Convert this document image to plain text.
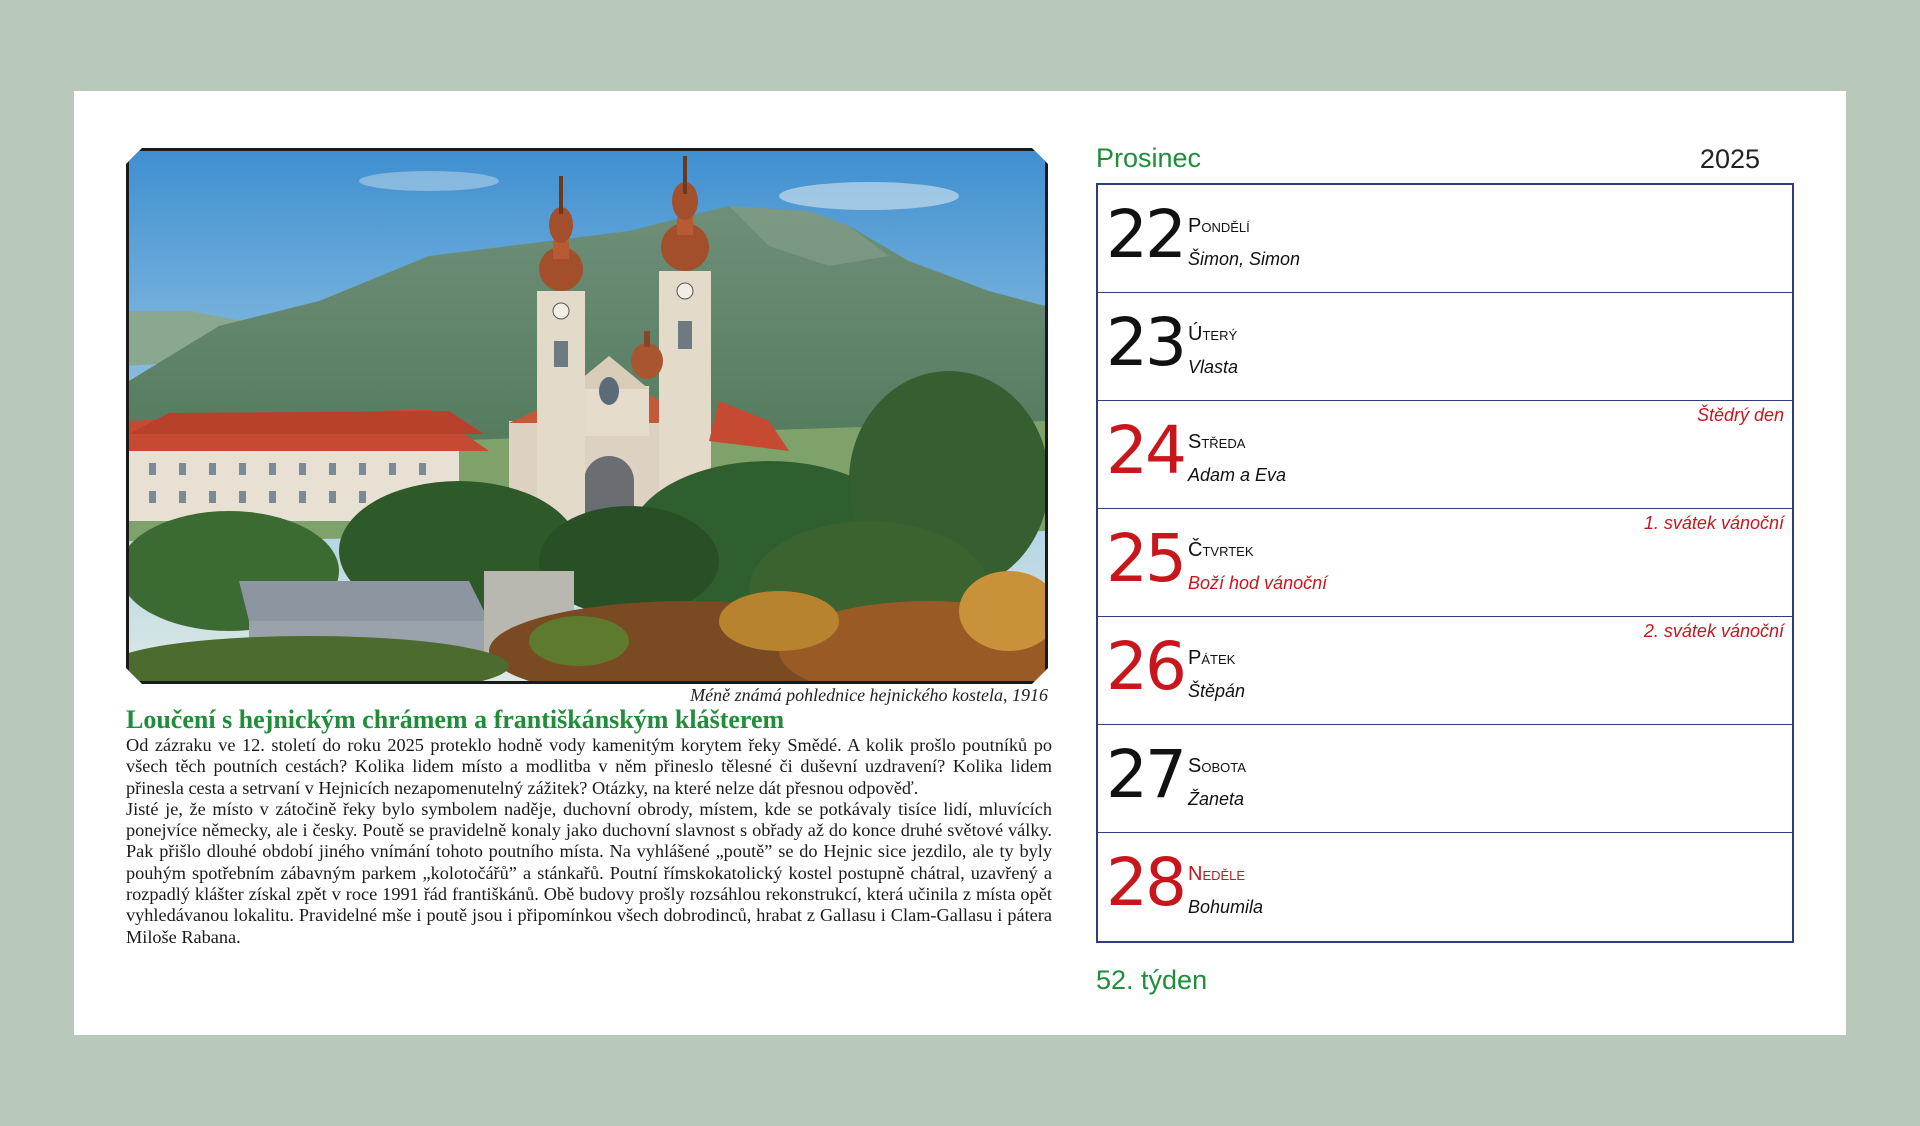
Méně známá pohlednice hejnického kostela, 1916
Loučení s hejnickým chrámem a františkánským klášterem

Od zázraku ve 12. století do roku 2025 proteklo hodně vody kamenitým korytem řeky Smědé. A kolik prošlo poutníků po všech těch poutních cestách? Kolika lidem místo a modlitba v něm přineslo tělesné či duševní uzdravení? Kolika lidem přinesla cesta a setrvaní v Hejnicích nezapomenutelný zážitek? Otázky, na které nelze dát přesnou odpověď.

Jisté je, že místo v zátočině řeky bylo symbolem naděje, duchovní obrody, místem, kde se potkávaly tisíce lidí, mluvících ponejvíce německy, ale i česky. Poutě se pravidelně konaly jako duchovní slavnost s obřady až do konce druhé světové války. Pak přišlo dlouhé období jiného vnímání tohoto poutního místa. Na vyhlášené „poutě” se do Hejnic sice jezdilo, ale ty byly pouhým spotřebním zábavným parkem „kolotočářů” a stánkařů. Poutní římskokatolický kostel postupně chátral, uzavřený a rozpadlý klášter získal zpět v roce 1991 řád františkánů. Obě budovy prošly rozsáhlou rekonstrukcí, která učinila z místa opět vyhledávanou lokalitu. Pravidelné mše i poutě jsou i připomínkou všech dobrodinců, hrabat z Gallasu i Clam-Gallasu i pátera Miloše Rabana.

Prosinec	2025
22 Pondělí
Šimon, Simon
23 Úterý
Vlasta
Štědrý den
24 Středa
Adam a Eva
1. svátek vánoční
25 Čtvrtek
Boží hod vánoční
2. svátek vánoční
26 Pátek
Štěpán
27 Sobota
Žaneta
28 Neděle
Bohumila
52. týden
